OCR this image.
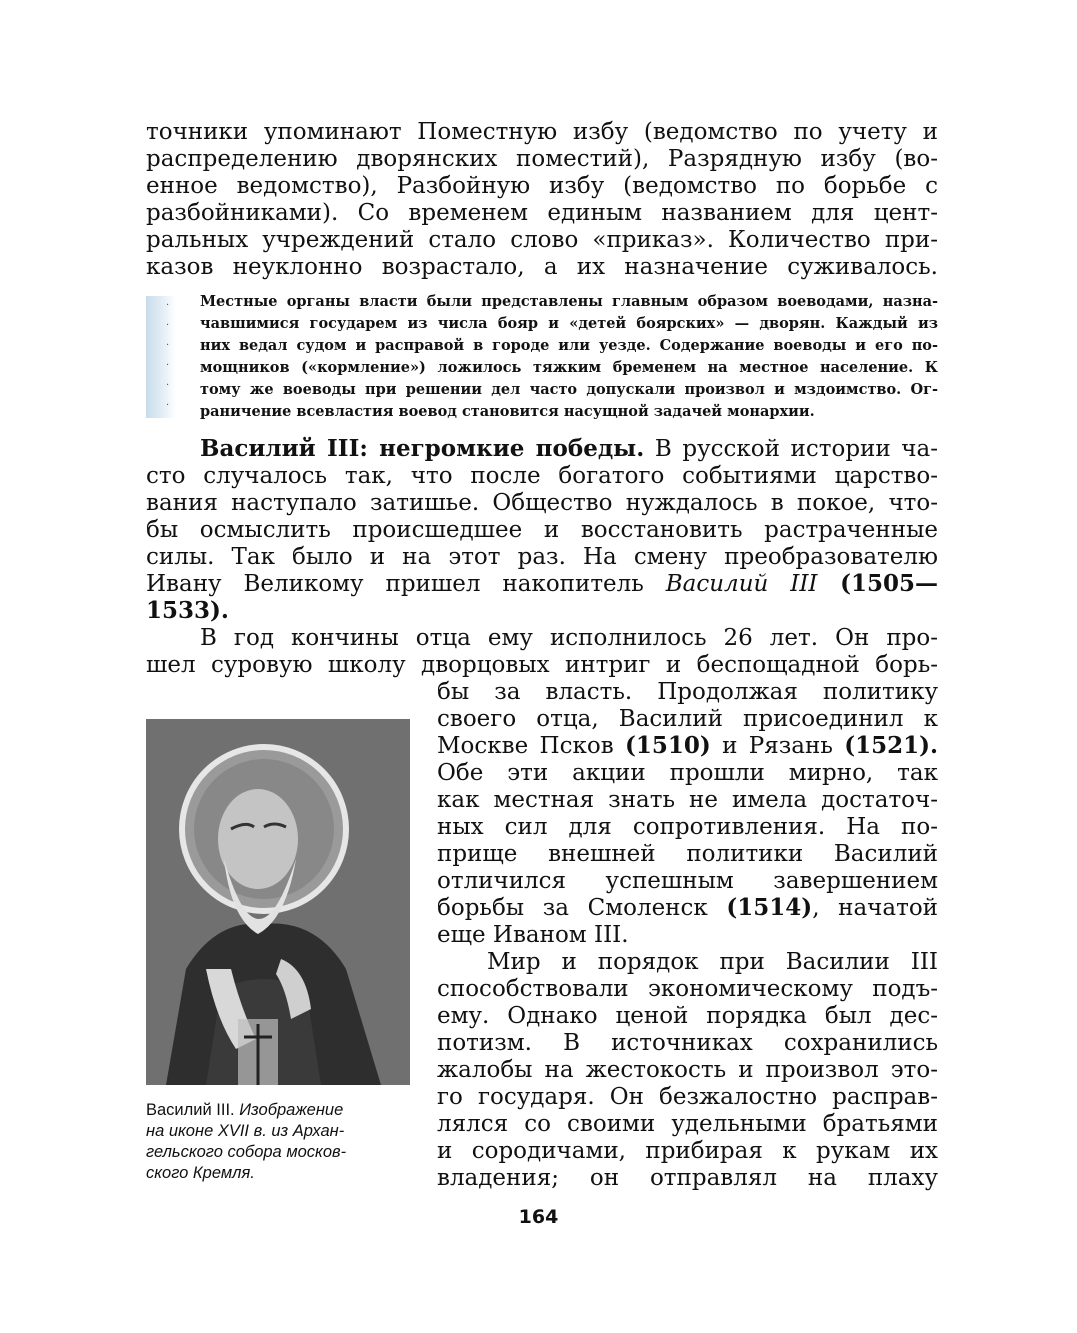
точники упоминают Поместную избу (ведомство по учету и
распределению дворянских поместий), Разрядную избу (во-
енное ведомство), Разбойную избу (ведомство по борьбе с
разбойниками). Со временем единым названием для цент-
ральных учреждений стало слово «приказ». Количество при-
казов неуклонно возрастало, а их назначение суживалось.
·
·
·
·
·
·
Местные органы власти были представлены главным образом воеводами, назна-
чавшимися государем из числа бояр и «детей боярских» — дворян. Каждый из
них ведал судом и расправой в городе или уезде. Содержание воеводы и его по-
мощников («кормление») ложилось тяжким бременем на местное население. К
тому же воеводы при решении дел часто допускали произвол и мздоимство. Ог-
раничение всевластия воевод становится насущной задачей монархии.
Василий III: негромкие победы. В русской истории ча-
сто случалось так, что после богатого событиями царство-
вания наступало затишье. Общество нуждалось в покое, что-
бы осмыслить происшедшее и восстановить растраченные
силы. Так было и на этот раз. На смену преобразователю
Ивану Великому пришел накопитель Василий III (1505—
1533).
В год кончины отца ему исполнилось 26 лет. Он про-
шел суровую школу дворцовых интриг и беспощадной борь-
бы за власть. Продолжая политику
своего отца, Василий присоединил к
Москве Псков (1510) и Рязань (1521).
Обе эти акции прошли мирно, так
как местная знать не имела достаточ-
ных сил для сопротивления. На по-
прище внешней политики Василий
отличился успешным завершением
борьбы за Смоленск (1514), начатой
еще Иваном III.
Мир и порядок при Василии III
способствовали экономическому подъ-
ему. Однако ценой порядка был дес-
потизм. В источниках сохранились
жалобы на жестокость и произвол это-
го государя. Он безжалостно расправ-
лялся со своими удельными братьями
и сородичами, прибирая к рукам их
владения; он отправлял на плаху
Василий III. Изображение
на иконе XVII в. из Архан-
гельского собора москов-
ского Кремля.
164
